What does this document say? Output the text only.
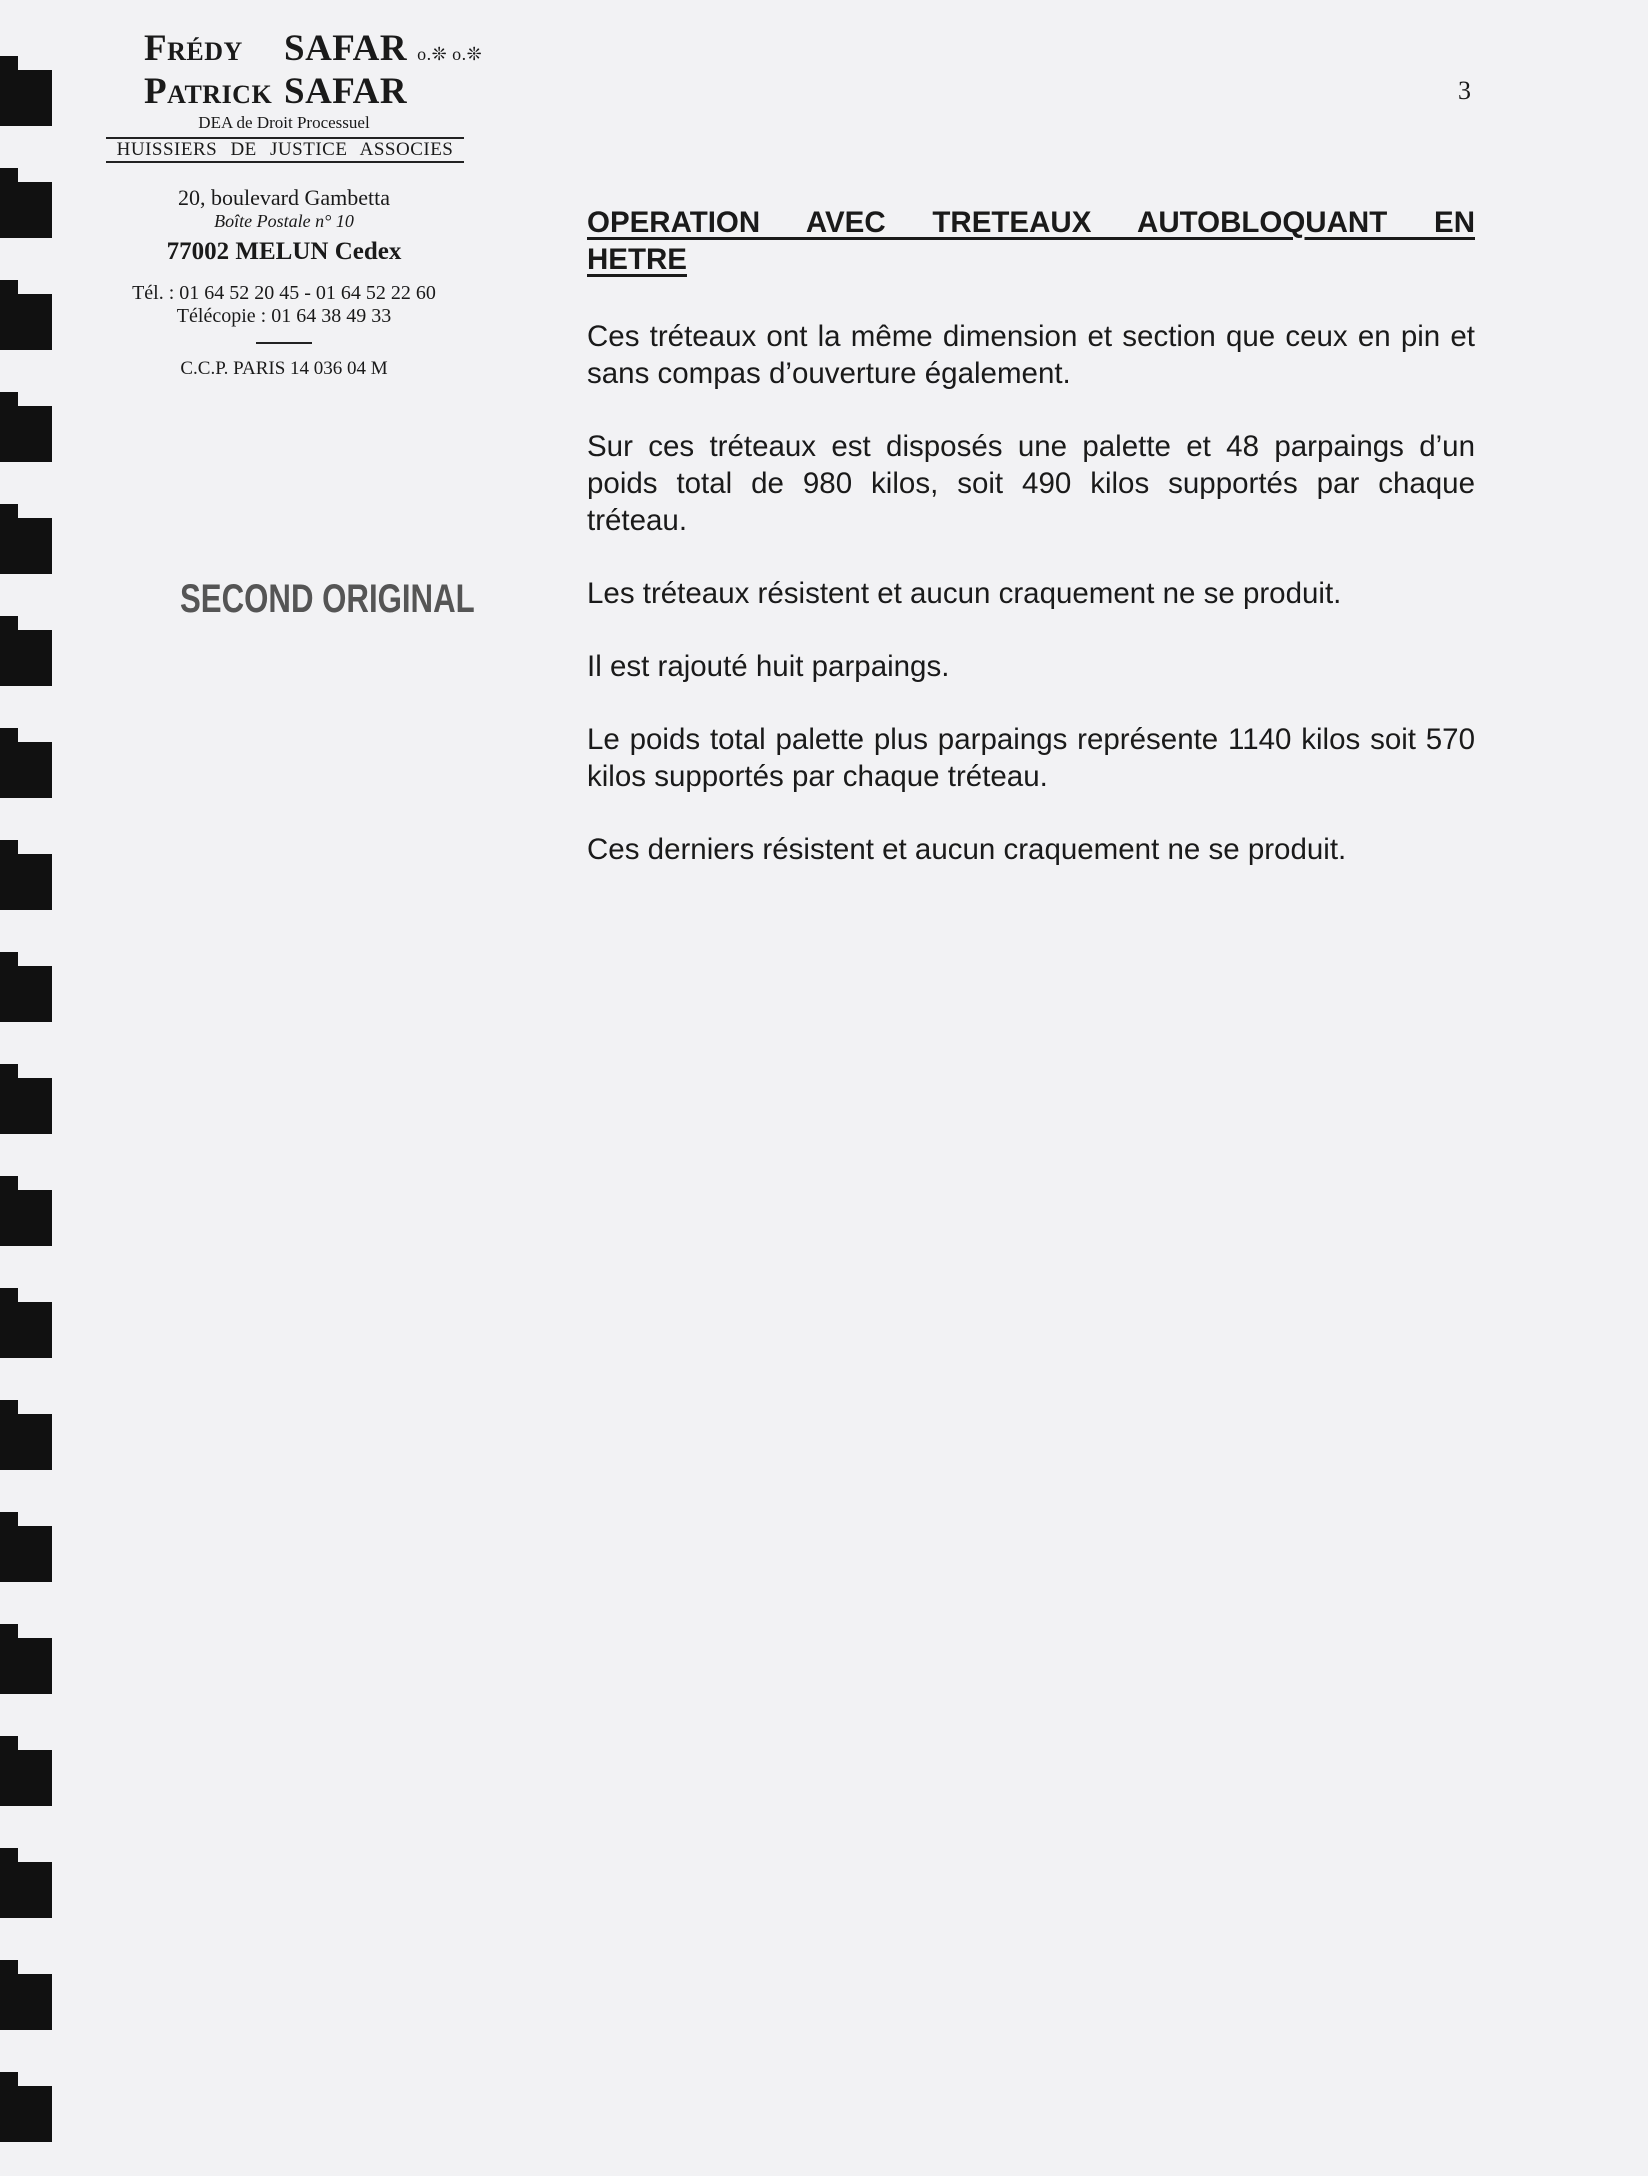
Frédy SAFAR o.❊ o.❊
Patrick SAFAR
DEA de Droit Processuel
HUISSIERS DE JUSTICE ASSOCIES
20, boulevard Gambetta
Boîte Postale n° 10
77002 MELUN Cedex
Tél. : 01 64 52 20 45 - 01 64 52 22 60
Télécopie : 01 64 38 49 33
C.C.P. PARIS 14 036 04 M
SECOND ORIGINAL
3
OPERATION AVEC TRETEAUX AUTOBLOQUANT EN HETRE

Ces tréteaux ont la même dimension et section que ceux en pin et sans compas d’ouverture également.

Sur ces tréteaux est disposés une palette et 48 parpaings d’un poids total de 980 kilos, soit 490 kilos supportés par chaque tréteau.

Les tréteaux résistent et aucun craquement ne se produit.

Il est rajouté huit parpaings.

Le poids total palette plus parpaings représente 1140 kilos soit 570 kilos supportés par chaque tréteau.

Ces derniers résistent et aucun craquement ne se produit.
